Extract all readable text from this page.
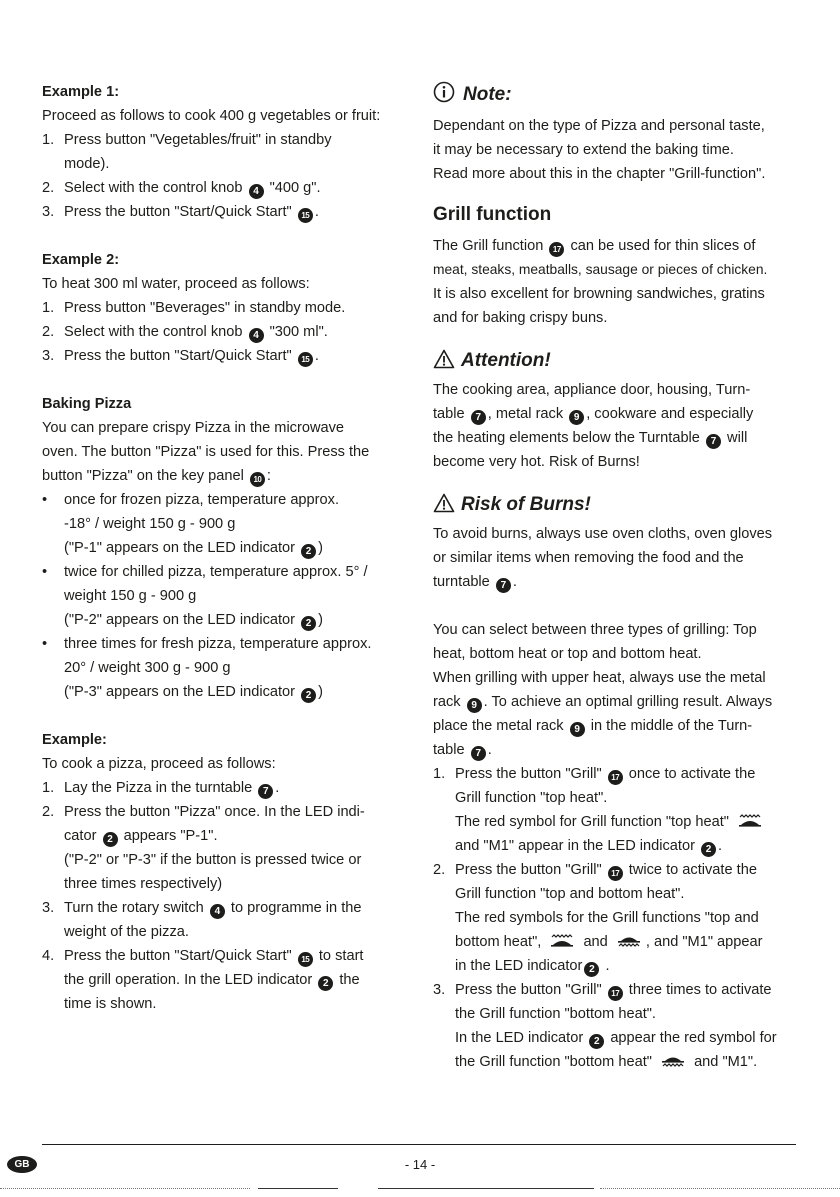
Example 1:

Proceed as follows to cook 400 g vegetables or fruit:

1. Press button "Vegetables/fruit" in standby
mode).
2. Select with the control knob 4 "400 g".
3. Press the button "Start/Quick Start" 15 .

Example 2:

To heat 300 ml water, proceed as follows:

1. Press button "Beverages" in standby mode.
2. Select with the control knob 4 "300 ml".
3. Press the button "Start/Quick Start" 15 .

Baking Pizza

You can prepare crispy Pizza in the microwave
oven. The button "Pizza" is used for this. Press the
button "Pizza" on the key panel 10 :

•	once for frozen pizza, temperature approx.
-18° / weight 150 g - 900 g
("P-1" appears on the LED indicator 2 )
•	twice for chilled pizza, temperature approx. 5° /
weight 150 g - 900 g
("P-2" appears on the LED indicator 2 )
•	three times for fresh pizza, temperature approx.
20° / weight 300 g - 900 g
("P-3" appears on the LED indicator 2 )

Example:

To cook a pizza, proceed as follows:

1. Lay the Pizza in the turntable 7 .
2. Press the button "Pizza" once. In the LED indi-
cator 2 appears "P-1".
("P-2" or "P-3" if the button is pressed twice or
three times respectively)
3. Turn the rotary switch 4 to programme in the
weight of the pizza.
4. Press the button "Start/Quick Start" 15 to start
the grill operation. In the LED indicator 2 the
time is shown.
Note:

Dependant on the type of Pizza and personal taste,
it may be necessary to extend the baking time.
Read more about this in the chapter "Grill-function".

Grill function

The Grill function 17 can be used for thin slices of
meat, steaks, meatballs, sausage or pieces of chicken.
It is also excellent for browning sandwiches, gratins
and for baking crispy buns.

Attention!

The cooking area, appliance door, housing, Turn-
table 7 , metal rack 9 , cookware and especially
the heating elements below the Turntable 7 will
become very hot. Risk of Burns!

Risk of Burns!

To avoid burns, always use oven cloths, oven gloves
or similar items when removing the food and the
turntable 7 .

You can select between three types of grilling: Top
heat, bottom heat or top and bottom heat.
When grilling with upper heat, always use the metal
rack 9 . To achieve an optimal grilling result. Always
place the metal rack 9 in the middle of the Turn-
table 7 .

1. Press the button "Grill" 17 once to activate the
Grill function "top heat".
The red symbol for Grill function "top heat"
and "M1" appear in the LED indicator 2 .
2. Press the button "Grill" 17 twice to activate the
Grill function "top and bottom heat".
The red symbols for the Grill functions "top and
bottom heat",	and	, and "M1" appear
in the LED indicator 2 .
3. Press the button "Grill" 17 three times to activate
the Grill function "bottom heat".
In the LED indicator 2 appear the red symbol for
the Grill function "bottom heat"	and "M1".
GB	- 14 -
